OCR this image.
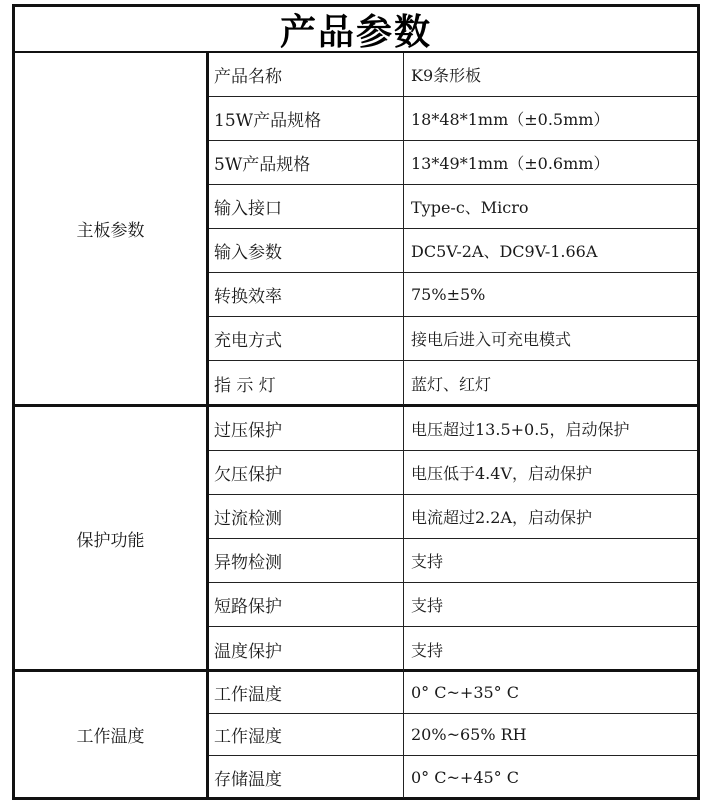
产品参数
主板参数
产品名称	K9条形板
15W产品规格	18*48*1mm（±0.5mm）
5W产品规格	13*49*1mm（±0.6mm）
输入接口	Type-c、Micro
输入参数	DC5V-2A、DC9V-1.66A
转换效率	75%±5%
充电方式	接电后进入可充电模式
指 示 灯	蓝灯、红灯
保护功能
过压保护	电压超过13.5+0.5，启动保护
欠压保护	电压低于4.4V，启动保护
过流检测	电流超过2.2A，启动保护
异物检测	支持
短路保护	支持
温度保护	支持
工作温度
工作温度	0° C~+35° C
工作湿度	20%~65% RH
存储温度	0° C~+45° C
